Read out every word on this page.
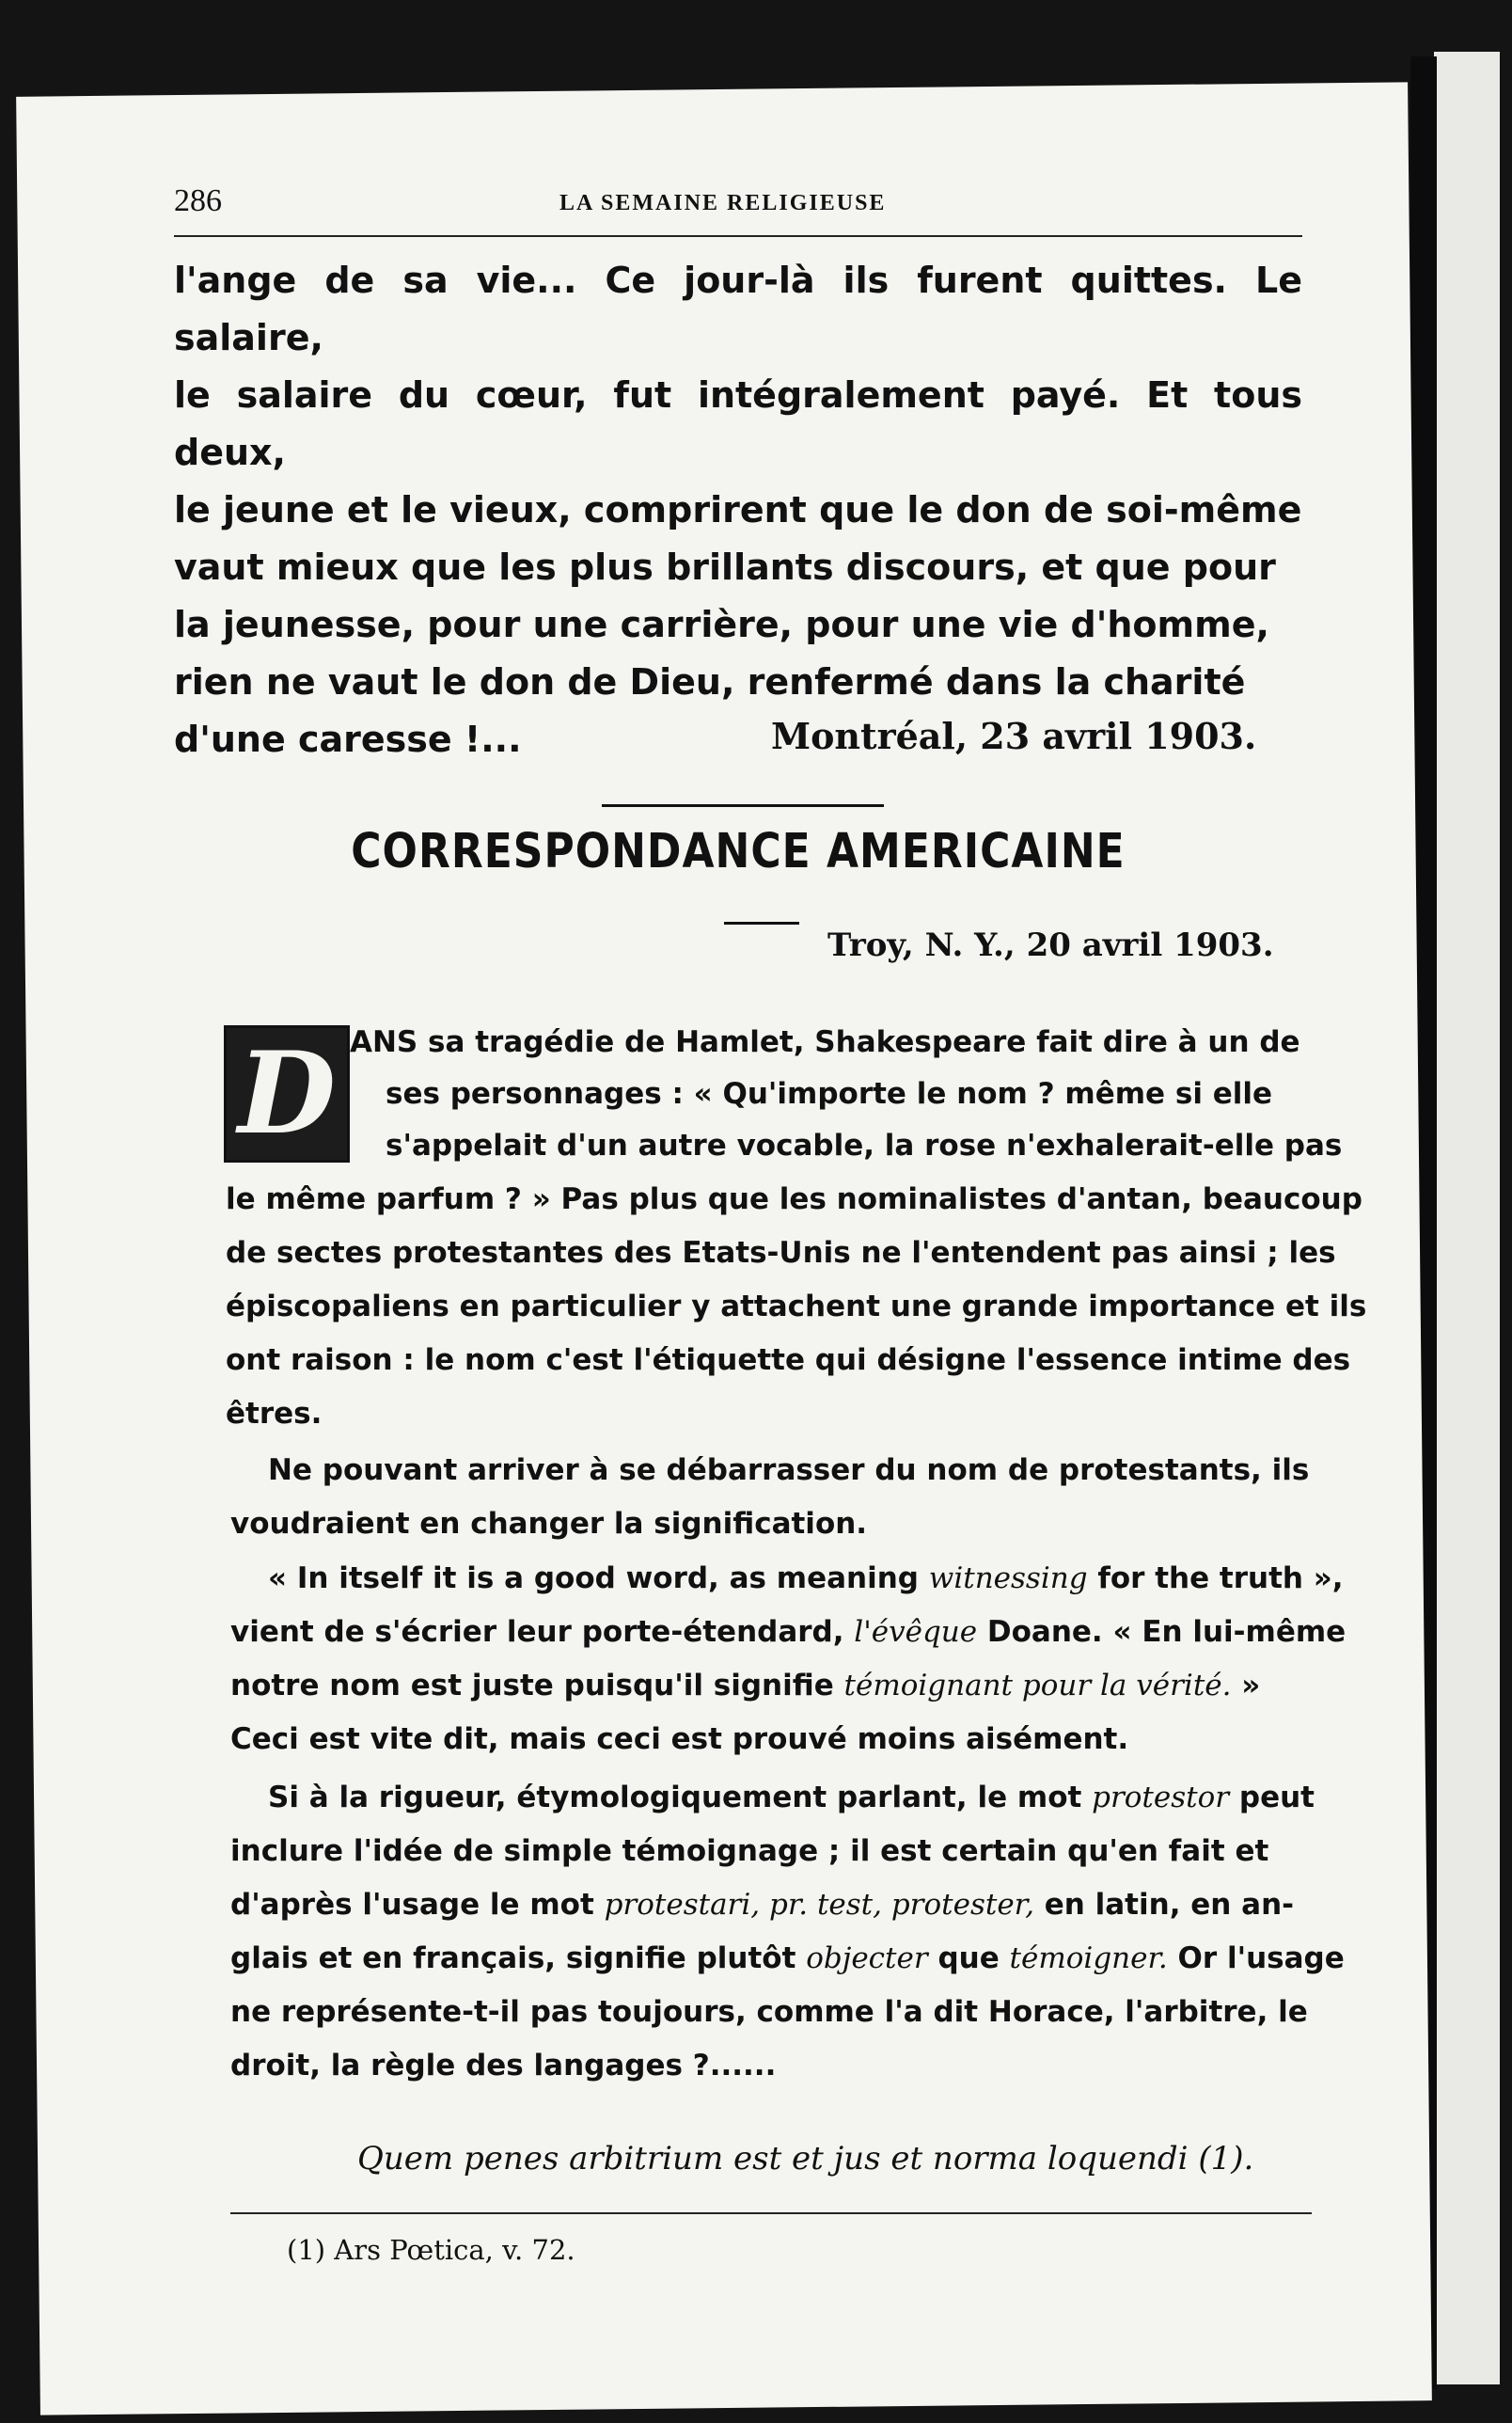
286	LA SEMAINE RELIGIEUSE
l'ange de sa vie... Ce jour-là ils furent quittes. Le salaire,
le salaire du cœur, fut intégralement payé. Et tous deux,
le jeune et le vieux, comprirent que le don de soi-même
vaut mieux que les plus brillants discours, et que pour
la jeunesse, pour une carrière, pour une vie d'homme,
rien ne vaut le don de Dieu, renfermé dans la charité
d'une caresse !...	Montréal, 23 avril 1903.
CORRESPONDANCE AMERICAINE
Troy, N. Y., 20 avril 1903.
D ANS sa tragédie de Hamlet, Shakespeare fait dire à un de
ses personnages : « Qu'importe le nom ? même si elle
s'appelait d'un autre vocable, la rose n'exhalerait-elle pas
le même parfum ? » Pas plus que les nominalistes d'antan, beaucoup
de sectes protestantes des Etats-Unis ne l'entendent pas ainsi ; les
épiscopaliens en particulier y attachent une grande importance et ils
ont raison : le nom c'est l'étiquette qui désigne l'essence intime des
êtres.
Ne pouvant arriver à se débarrasser du nom de protestants, ils
voudraient en changer la signification.
« In itself it is a good word, as meaning witnessing for the truth »,
vient de s'écrier leur porte-étendard, l'évêque Doane. « En lui-même
notre nom est juste puisqu'il signifie témoignant pour la vérité. »
Ceci est vite dit, mais ceci est prouvé moins aisément.
Si à la rigueur, étymologiquement parlant, le mot protestor peut
inclure l'idée de simple témoignage ; il est certain qu'en fait et
d'après l'usage le mot protestari, pr. test, protester, en latin, en an-
glais et en français, signifie plutôt objecter que témoigner. Or l'usage
ne représente-t-il pas toujours, comme l'a dit Horace, l'arbitre, le
droit, la règle des langages ?......
Quem penes arbitrium est et jus et norma loquendi (1).
(1) Ars Pœtica, v. 72.
